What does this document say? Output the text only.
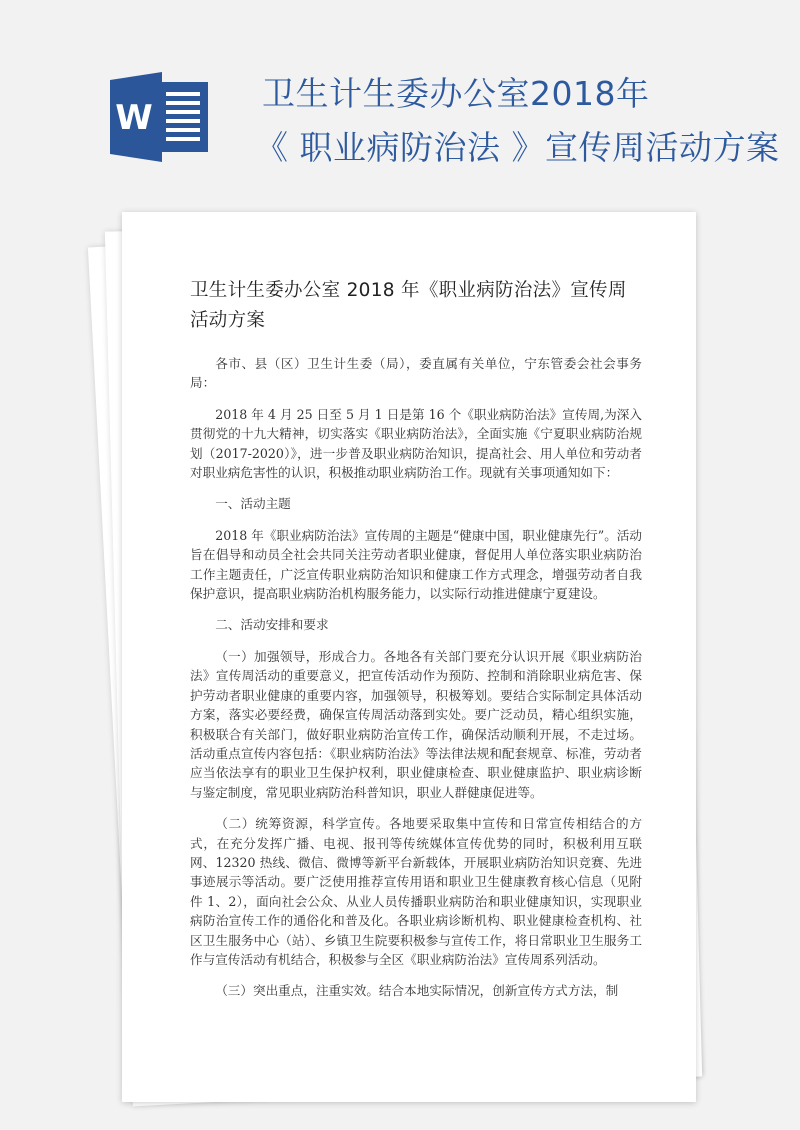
W
卫生计生委办公室2018年
《 职业病防治法 》宣传周活动方案
卫生计生委办公室 2018 年《职业病防治法》宣传周活动方案

各市、县（区）卫生计生委（局），委直属有关单位，宁东管委会社会事务局：

2018 年 4 月 25 日至 5 月 1 日是第 16 个《职业病防治法》宣传周,为深入贯彻党的十九大精神，切实落实《职业病防治法》，全面实施《宁夏职业病防治规划（2017-2020）》，进一步普及职业病防治知识，提高社会、用人单位和劳动者对职业病危害性的认识，积极推动职业病防治工作。现就有关事项通知如下：

一、活动主题

2018 年《职业病防治法》宣传周的主题是“健康中国，职业健康先行”。活动旨在倡导和动员全社会共同关注劳动者职业健康，督促用人单位落实职业病防治工作主题责任，广泛宣传职业病防治知识和健康工作方式理念，增强劳动者自我保护意识，提高职业病防治机构服务能力，以实际行动推进健康宁夏建设。

二、活动安排和要求

（一）加强领导，形成合力。各地各有关部门要充分认识开展《职业病防治法》宣传周活动的重要意义，把宣传活动作为预防、控制和消除职业病危害、保护劳动者职业健康的重要内容，加强领导，积极筹划。要结合实际制定具体活动方案，落实必要经费，确保宣传周活动落到实处。要广泛动员，精心组织实施，积极联合有关部门，做好职业病防治宣传工作，确保活动顺利开展，不走过场。活动重点宣传内容包括：《职业病防治法》等法律法规和配套规章、标准，劳动者应当依法享有的职业卫生保护权利，职业健康检查、职业健康监护、职业病诊断与鉴定制度，常见职业病防治科普知识，职业人群健康促进等。

（二）统筹资源，科学宣传。各地要采取集中宣传和日常宣传相结合的方式，在充分发挥广播、电视、报刊等传统媒体宣传优势的同时，积极利用互联网、12320 热线、微信、微博等新平台新载体，开展职业病防治知识竞赛、先进事迹展示等活动。要广泛使用推荐宣传用语和职业卫生健康教育核心信息（见附件 1、2），面向社会公众、从业人员传播职业病防治和职业健康知识，实现职业病防治宣传工作的通俗化和普及化。各职业病诊断机构、职业健康检查机构、社区卫生服务中心（站）、乡镇卫生院要积极参与宣传工作，将日常职业卫生服务工作与宣传活动有机结合，积极参与全区《职业病防治法》宣传周系列活动。

（三）突出重点，注重实效。结合本地实际情况，创新宣传方式方法，制
